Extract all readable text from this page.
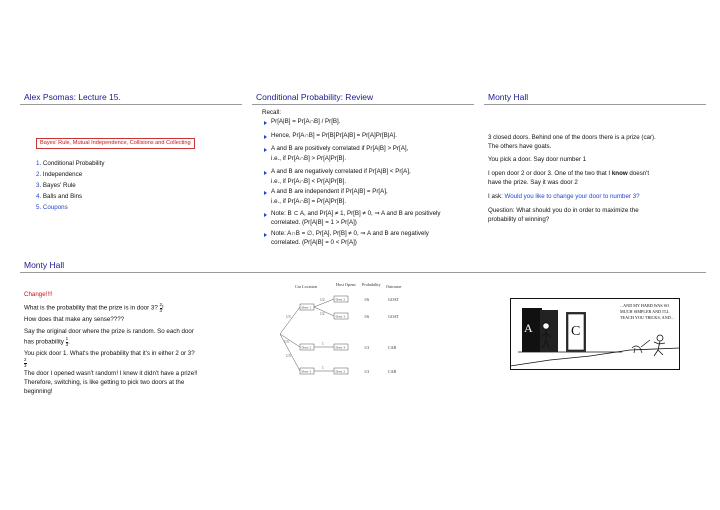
Alex Psomas: Lecture 15.
Bayes' Rule, Mutual Independence, Collisions and Collecting
1. Conditional Probability
2. Independence
3. Bayes' Rule
4. Balls and Bins
5. Coupons
Conditional Probability: Review
Recall:
Pr[A|B] = Pr[A∩B] / Pr[B].
Hence, Pr[A∩B] = Pr[B]Pr[A|B] = Pr[A]Pr[B|A].
A and B are positively correlated if Pr[A|B] > Pr[A],
i.e., if Pr[A∩B] > Pr[A]Pr[B].
A and B are negatively correlated if Pr[A|B] < Pr[A],
i.e., if Pr[A∩B] < Pr[A]Pr[B].
A and B are independent if Pr[A|B] = Pr[A],
i.e., if Pr[A∩B] = Pr[A]Pr[B].
Note: B ⊂ A, and Pr[A] ≠ 1, Pr[B] ≠ 0, ⇒ A and B are positively
correlated. (Pr[A|B] = 1 > Pr[A])
Note: A∩B = ∅, Pr[A], Pr[B] ≠ 0, ⇒ A and B are negatively
correlated. (Pr[A|B] = 0 < Pr[A])
Monty Hall
3 closed doors. Behind one of the doors there is a prize (car).
The others have goats.
You pick a door. Say door number 1
I open door 2 or door 3. One of the two that I know doesn't
have the prize. Say it was door 2
I ask: Would you like to change your door to number 3?
Question: What should you do in order to maximize the
probability of winning?
Monty Hall
Change!!!!
What is the probability that the prize is in door 3? $\frac{2}{3}$ !
How does that make any sense????
Say the original door where the prize is random. So each door
has probability $\frac{1}{3}$ .
You pick door 1. What's the probability that it's in either 2 or 3?
$\frac{2}{3}$
The door I opened wasn't random! I knew it didn't have a prize!!
Therefore, switching, is like getting to pick two doors at the
beginning!
Car Location	Host Opens Probability Outcome
Door 1
Door 2
Door 3
Door 2
Door 3
Door 3
Door 2
1/3
1/3
1/3
1/2
1/2
1
1
1/6
1/6
1/3
1/3
GOAT
GOAT
CAR
CAR
A	C
...AND MY HARD WAS SO
MUCH SIMPLER AND I'LL
TEACH YOU TRICKS, AND...
